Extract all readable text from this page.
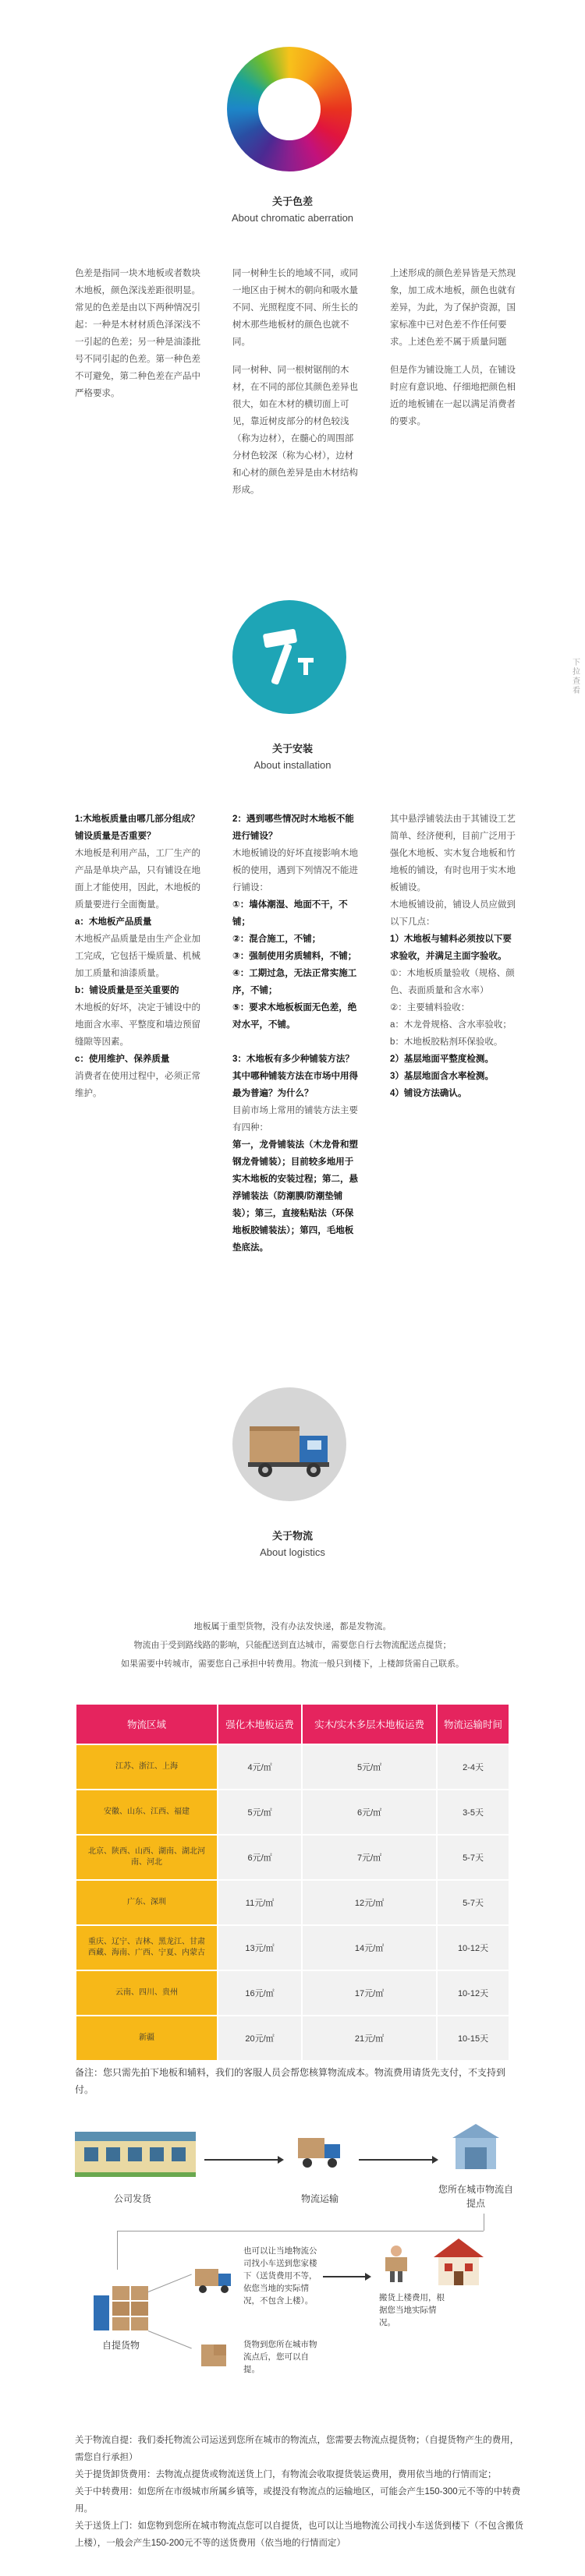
关于色差
About chromatic aberration

色差是指同一块木地板或者数块木地板，颜色深浅差距很明显。常见的色差是由以下两种情况引起：一种是木材材质色泽深浅不一引起的色差；另一种是油漆批号不同引起的色差。第一种色差不可避免，第二种色差在产品中严格要求。

同一树种生长的地域不同，或同一地区由于树木的朝向和吸水量不同、光照程度不同、所生长的树木那些地板材的颜色也就不同。

同一树种、同一根树锯削的木材，在不同的部位其颜色差异也很大，如在木材的横切面上可见，靠近树皮部分的材色较浅（称为边材），在髓心的周围部分材色较深（称为心材），边材和心材的颜色差异是由木材结构形成。

上述形成的颜色差异皆是天然现象，加工成木地板，颜色也就有差异，为此，为了保护资源，国家标准中已对色差不作任何要求。上述色差不属于质量问题

但是作为铺设施工人员，在铺设时应有意识地、仔细地把颜色相近的地板铺在一起以满足消费者的要求。

下拉查看
关于安装
About installation
1:木地板质量由哪几部分组成？铺设质量是否重要？
木地板是利用产品，工厂生产的产品是单块产品，只有铺设在地面上才能使用，因此，木地板的质量要进行全面衡量。
a：木地板产品质量
木地板产品质量是由生产企业加工完成，它包括干燥质量、机械加工质量和油漆质量。
b：铺设质量是至关重要的
木地板的好坏，决定于铺设中的地面含水率、平整度和墙边预留缝隙等因素。
c：使用维护、保养质量
消费者在使用过程中，必须正常维护。
2：遇到哪些情况时木地板不能进行铺设？
木地板铺设的好坏直接影响木地板的使用，遇到下列情况不能进行铺设：
①：墙体潮湿、地面不干，不铺；
②：混合施工，不铺；
③：强制使用劣质辅料，不铺；
④：工期过急，无法正常实施工序，不铺；
⑤：要求木地板板面无色差，绝对水平，不铺。
3：木地板有多少种铺装方法？其中哪种铺装方法在市场中用得最为普遍？为什么？
目前市场上常用的铺装方法主要有四种：
第一，龙骨铺装法（木龙骨和塑钢龙骨铺装）；目前较多地用于实木地板的安装过程；第二，悬浮铺装法（防潮膜/防潮垫铺装）；第三，直接粘贴法（环保地板胶铺装法）；第四，毛地板垫底法。
其中悬浮铺装法由于其铺设工艺简单、经济便利，目前广泛用于强化木地板、实木复合地板和竹地板的铺设，有时也用于实木地板铺设。
木地板铺设前，铺设人员应做到以下几点：
1）木地板与辅料必须按以下要求验收，并满足主面字验收。
①：木地板质量验收（规格、颜色、表面质量和含水率）
②：主要辅料验收：
a：木龙骨规格、含水率验收；
b：木地板胶粘剂环保验收。
2）基层地面平整度检测。
3）基层地面含水率检测。
4）铺设方法确认。
关于物流
About logistics
地板属于重型货物，没有办法发快递，都是发物流。
物流由于受到路线路的影响，只能配送到直达城市，需要您自行去物流配送点提货；
如果需要中转城市，需要您自己承担中转费用。物流一般只到楼下，上楼卸货需自己联系。
物流区域	强化木地板运费	实木/实木多层木地板运费	物流运输时间
江苏、浙江、上海	4元/㎡	5元/㎡	2-4天
安徽、山东、江西、福建	5元/㎡	6元/㎡	3-5天
北京、陕西、山西、湖南、湖北河南、河北	6元/㎡	7元/㎡	5-7天
广东、深圳	11元/㎡	12元/㎡	5-7天
重庆、辽宁、吉林、黑龙江、甘肃西藏、海南、广西、宁夏、内蒙古	13元/㎡	14元/㎡	10-12天
云南、四川、贵州	16元/㎡	17元/㎡	10-12天
新疆	20元/㎡	21元/㎡	10-15天
备注：您只需先拍下地板和辅料，我们的客服人员会帮您核算物流成本。物流费用请货先支付，不支持到付。
公司发货	物流运输
您所在城市物流自提点
自提货物
也可以让当地物流公司找小车送到您家楼下（送货费用不等，依您当地的实际情况，不包含上楼）。
货物到您所在城市物流点后，您可以自提。
搬货上楼费用，根据您当地实际情况。

关于物流自提：我们委托物流公司运送到您所在城市的物流点，您需要去物流点提货物；（自提货物产生的费用，需您自行承担）

关于提货卸货费用：去物流点提货或物流送货上门，有物流会收取提货装运费用，费用依当地的行情而定；

关于中转费用：如您所在市级城市所属乡镇等，或提没有物流点的运输地区，可能会产生150-300元不等的中转费用。

关于送货上门：如您物到您所在城市物流点您可以自提货，也可以让当地物流公司找小车送货到楼下（不包含搬货上楼），一般会产生150-200元不等的送货费用（依当地的行情而定）
